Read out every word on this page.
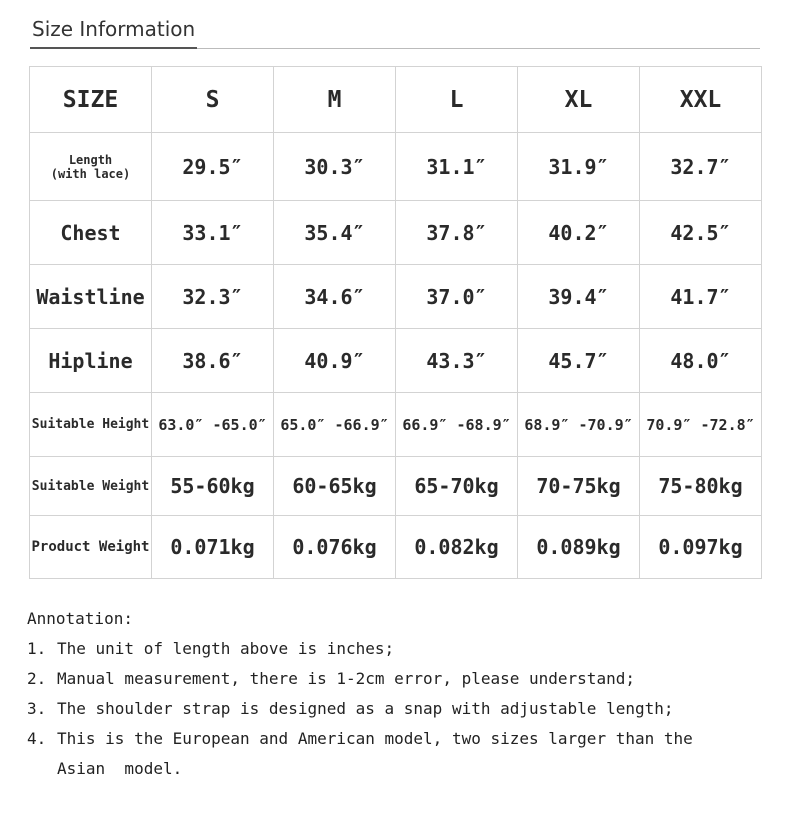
Size Information
SIZE	S	M	L	XL	XXL

Length
(with lace)	29.5″	30.3″	31.1″	31.9″	32.7″
Chest	33.1″	35.4″	37.8″	40.2″	42.5″
Waistline	32.3″	34.6″	37.0″	39.4″	41.7″
Hipline	38.6″	40.9″	43.3″	45.7″	48.0″
Suitable Height	63.0″ -65.0″	65.0″ -66.9″	66.9″ -68.9″	68.9″ -70.9″	70.9″ -72.8″
Suitable Weight	55-60kg	60-65kg	65-70kg	70-75kg	75-80kg
Product Weight	0.071kg	0.076kg	0.082kg	0.089kg	0.097kg
Annotation:
1. The unit of length above is inches;
2. Manual measurement, there is 1-2cm error, please understand;
3. The shoulder strap is designed as a snap with adjustable length;
4. This is the European and American model, two sizes larger than the
Asian  model.
